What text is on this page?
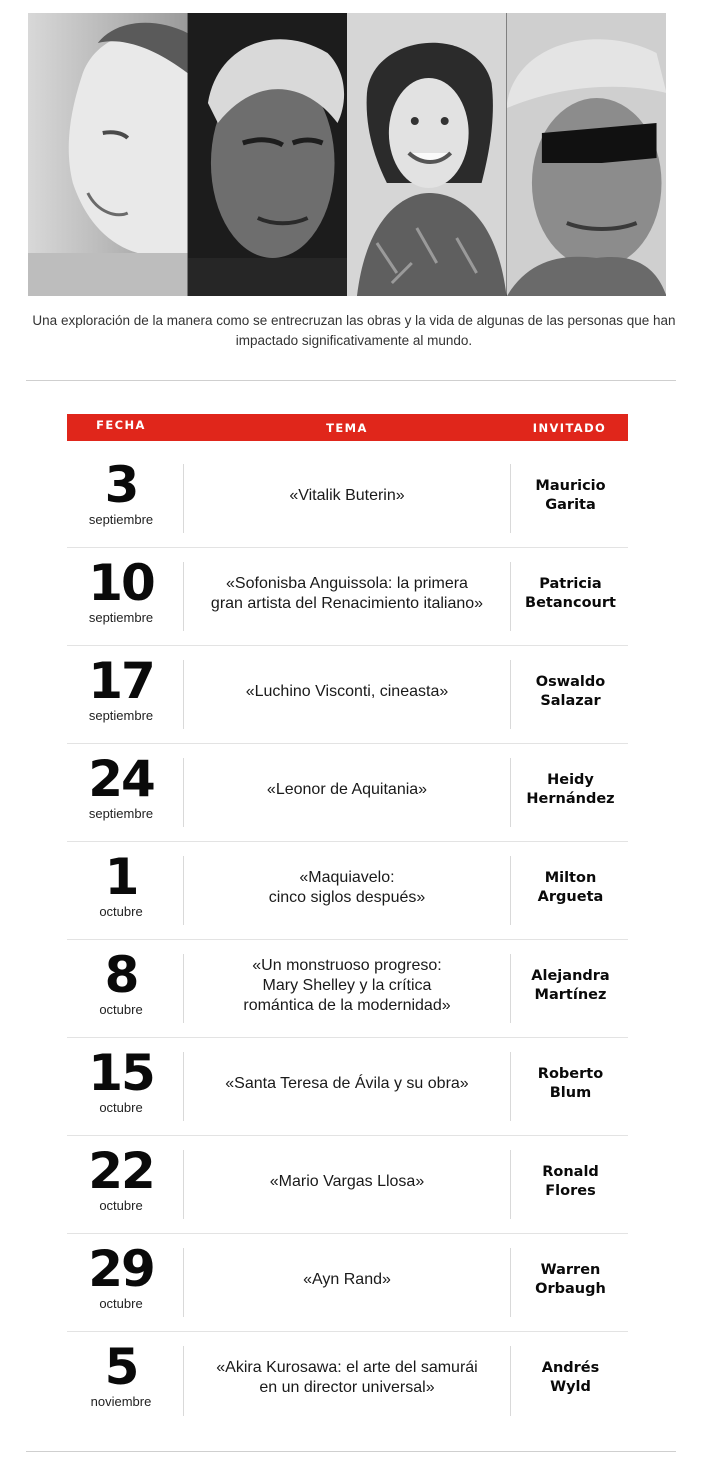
Una exploración de la manera como se entrecruzan las obras y la vida de algunas de las personas que han impactado significativamente al mundo.
FECHA	TEMA	INVITADO
3
septiembre
«Vitalik Buterin»
Mauricio
Garita
10
septiembre
«Sofonisba Anguissola: la primera
gran artista del Renacimiento italiano»
Patricia
Betancourt
17
septiembre
«Luchino Visconti, cineasta»
Oswaldo
Salazar
24
septiembre
«Leonor de Aquitania»
Heidy
Hernández
1
octubre
«Maquiavelo:
cinco siglos después»
Milton
Argueta
8
octubre
«Un monstruoso progreso:
Mary Shelley y la crítica
romántica de la modernidad»
Alejandra
Martínez
15
octubre
«Santa Teresa de Ávila y su obra»
Roberto
Blum
22
octubre
«Mario Vargas Llosa»
Ronald
Flores
29
octubre
«Ayn Rand»
Warren
Orbaugh
5
noviembre
«Akira Kurosawa: el arte del samurái
en un director universal»
Andrés
Wyld
